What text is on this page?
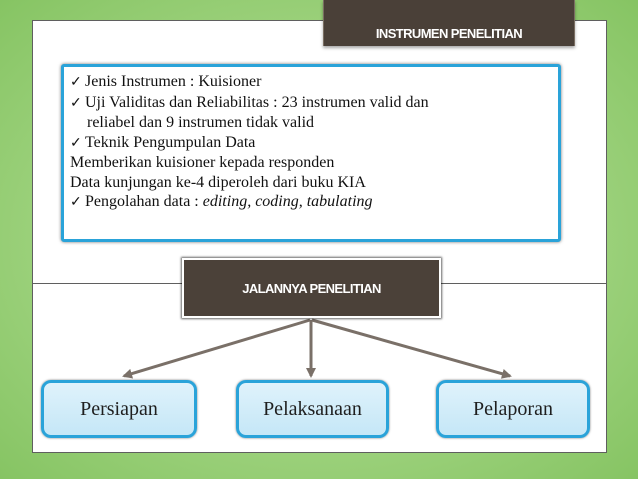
INSTRUMEN PENELITIAN
✓ Jenis Instrumen : Kuisioner
✓ Uji Validitas dan Reliabilitas : 23 instrumen valid dan
reliabel dan 9 instrumen tidak valid
✓ Teknik Pengumpulan Data
Memberikan kuisioner kepada responden
Data kunjungan ke-4 diperoleh dari buku KIA
✓ Pengolahan data : editing, coding, tabulating
JALANNYA PENELITIAN
Persiapan	Pelaksanaan	Pelaporan
